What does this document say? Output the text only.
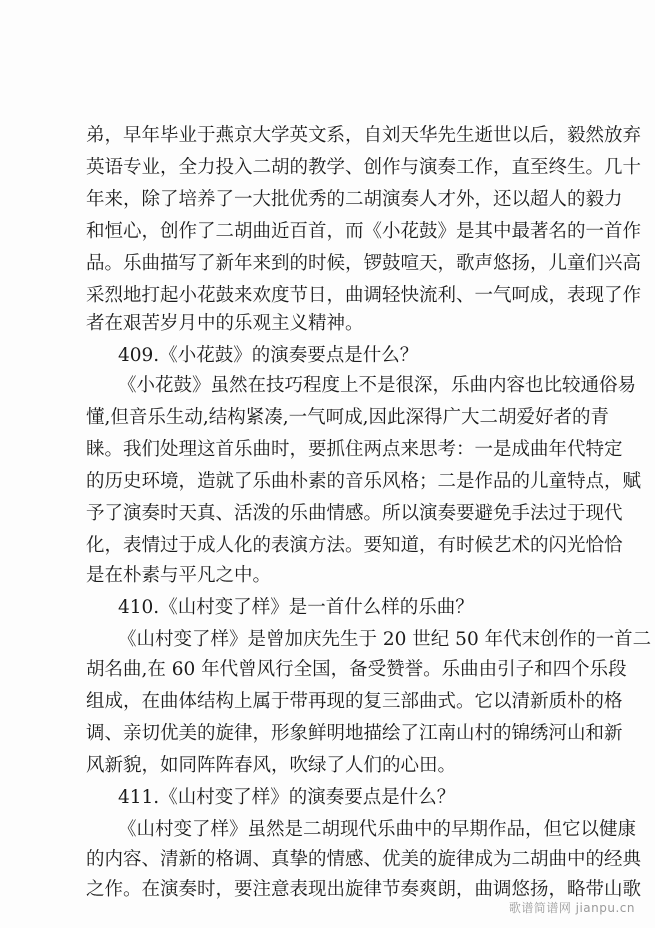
弟，早年毕业于燕京大学英文系，自刘天华先生逝世以后，毅然放弃
英语专业，全力投入二胡的教学、创作与演奏工作，直至终生。几十
年来，除了培养了一大批优秀的二胡演奏人才外，还以超人的毅力
和恒心，创作了二胡曲近百首，而《小花鼓》是其中最著名的一首作
品。乐曲描写了新年来到的时候，锣鼓喧天，歌声悠扬，儿童们兴高
采烈地打起小花鼓来欢度节日，曲调轻快流利、一气呵成，表现了作
者在艰苦岁月中的乐观主义精神。
409.《小花鼓》的演奏要点是什么？
《小花鼓》虽然在技巧程度上不是很深，乐曲内容也比较通俗易
懂,但音乐生动,结构紧凑,一气呵成,因此深得广大二胡爱好者的青
睐。我们处理这首乐曲时，要抓住两点来思考：一是成曲年代特定
的历史环境，造就了乐曲朴素的音乐风格；二是作品的儿童特点，赋
予了演奏时天真、活泼的乐曲情感。所以演奏要避免手法过于现代
化，表情过于成人化的表演方法。要知道，有时候艺术的闪光恰恰
是在朴素与平凡之中。
410.《山村变了样》是一首什么样的乐曲？
《山村变了样》是曾加庆先生于 20 世纪 50 年代末创作的一首二
胡名曲,在 60 年代曾风行全国，备受赞誉。乐曲由引子和四个乐段
组成，在曲体结构上属于带再现的复三部曲式。它以清新质朴的格
调、亲切优美的旋律，形象鲜明地描绘了江南山村的锦绣河山和新
风新貌，如同阵阵春风，吹绿了人们的心田。
411.《山村变了样》的演奏要点是什么？
《山村变了样》虽然是二胡现代乐曲中的早期作品，但它以健康
的内容、清新的格调、真挚的情感、优美的旋律成为二胡曲中的经典
之作。在演奏时，要注意表现出旋律节奏爽朗，曲调悠扬，略带山歌
歌谱简谱网 jianpu.cn
